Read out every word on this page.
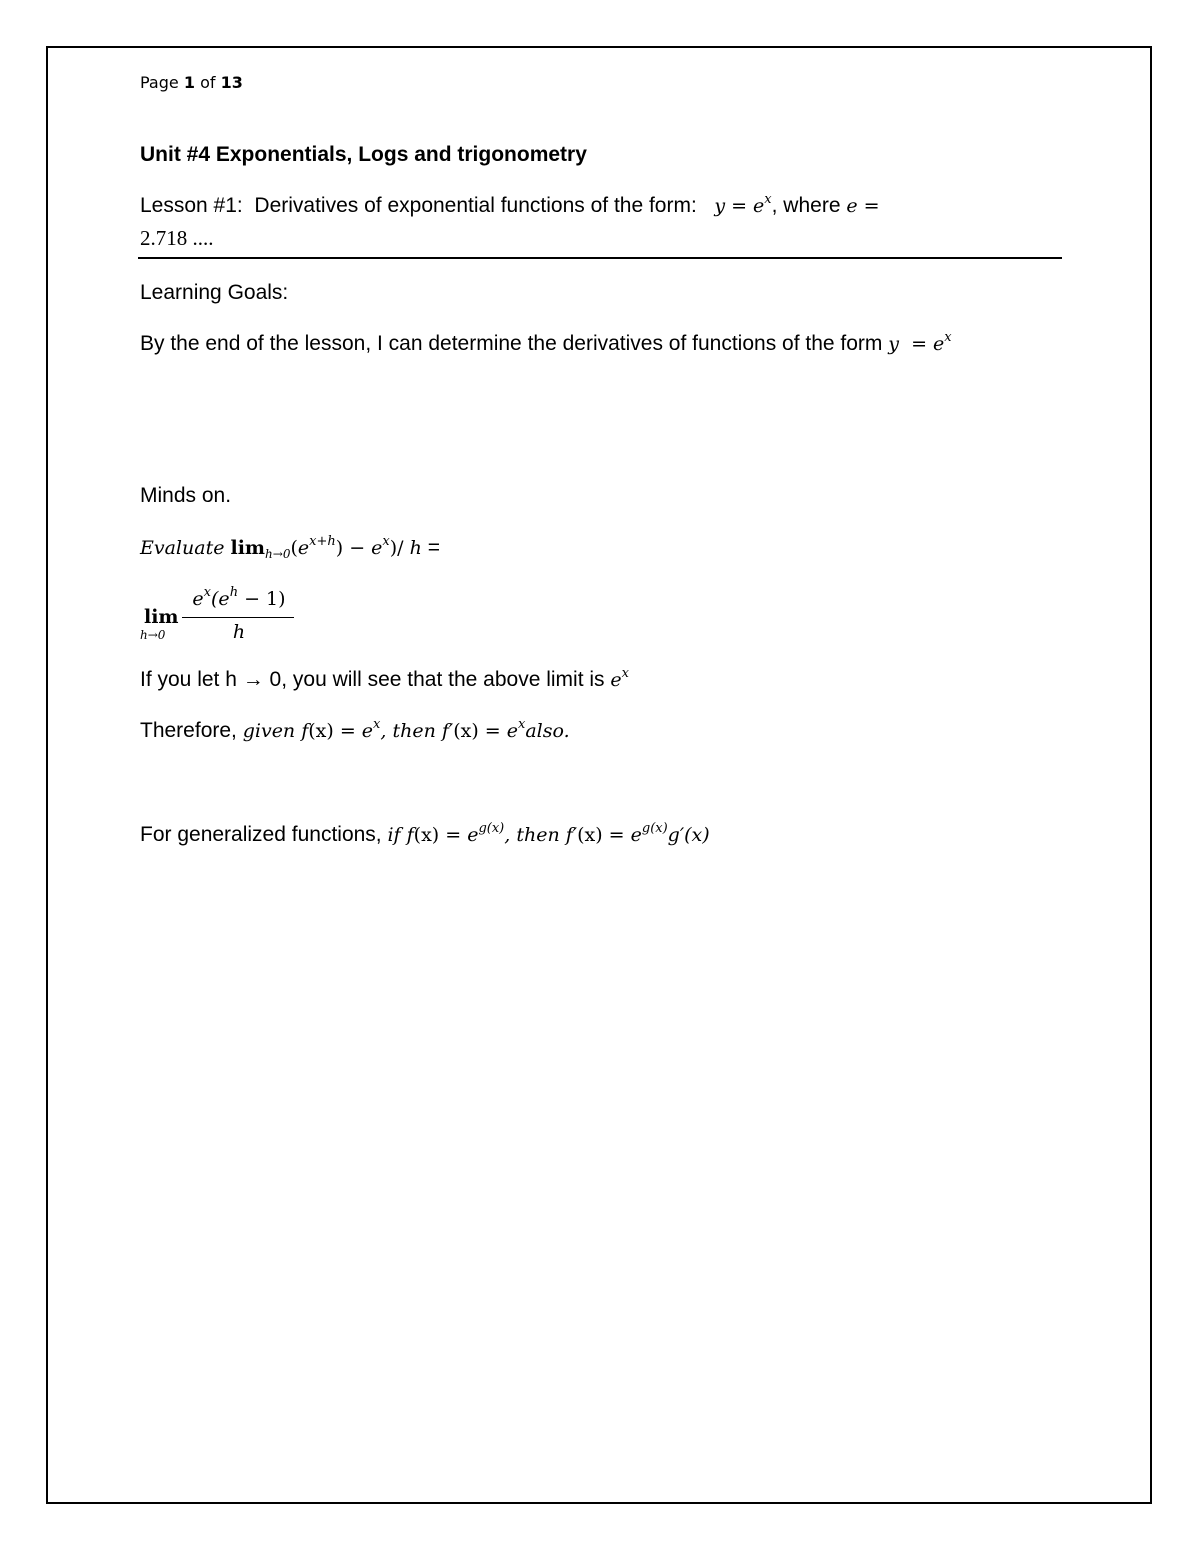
Page 1 of 13
Unit #4 Exponentials, Logs and trigonometry
Lesson #1:  Derivatives of exponential functions of the form:   $y = e^x$, where e =
2.718 ....
Learning Goals:
By the end of the lesson, I can determine the derivatives of functions of the form $y = e^x$
Minds on.
Evaluate $\lim_{h\to 0}(e^{x+h}) - e^x)/$ h =
lim
h→0
$e^x(e^h - 1)$
h
If you let h → 0, you will see that the above limit is $e^x$
Therefore, given $f(x) = e^x$, then $f'(x) = e^xalso$.
For generalized functions, if $f(x) = e^{g(x)}$, then $f'(x) = e^{g(x)}g'(x)$
